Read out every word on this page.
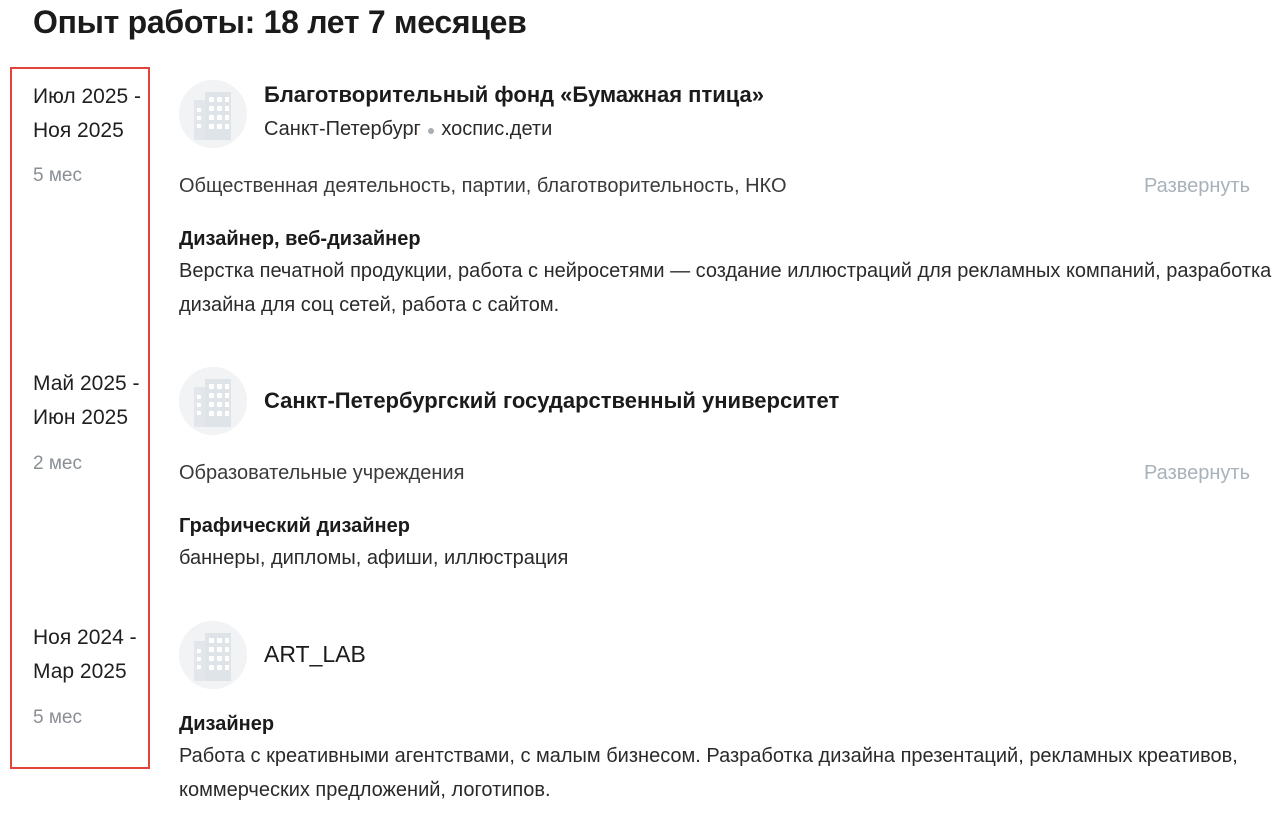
Опыт работы: 18 лет 7 месяцев
Июл 2025 -
Ноя 2025
5 мес
Благотворительный фонд «Бумажная птица»
Санкт-Петербург ● хоспис.дети
Общественная деятельность, партии, благотворительность, НКО	Развернуть
Дизайнер, веб-дизайнер
Верстка печатной продукции, работа с нейросетями — создание иллюстраций для рекламных компаний, разработка дизайна для соц сетей, работа с сайтом.
Май 2025 -
Июн 2025
2 мес
Санкт-Петербургский государственный университет
Образовательные учреждения	Развернуть
Графический дизайнер
баннеры, дипломы, афиши, иллюстрация
Ноя 2024 -
Мар 2025
5 мес
ART_LAB
Дизайнер
Работа с креативными агентствами, с малым бизнесом. Разработка дизайна презентаций, рекламных креативов, коммерческих предложений, логотипов.
